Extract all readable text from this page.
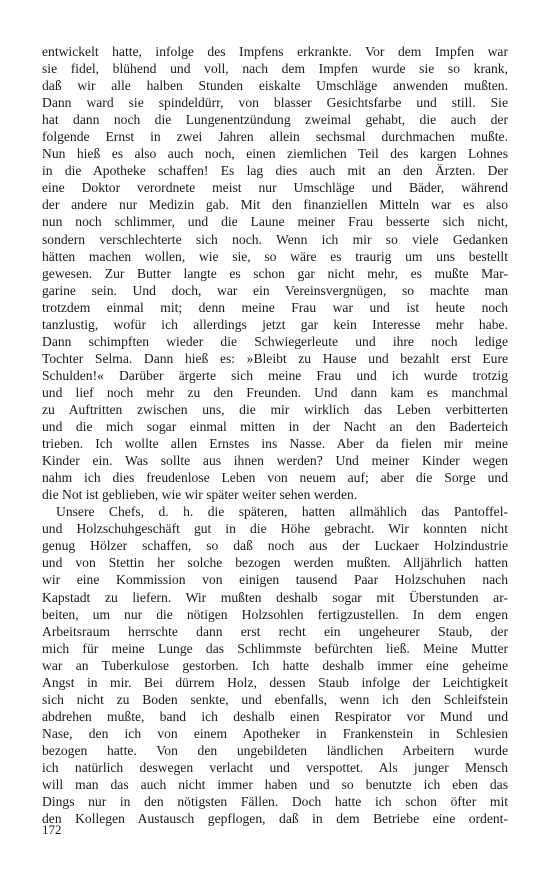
entwickelt hatte, infolge des Impfens erkrankte. Vor dem Impfen war
sie fidel, blühend und voll, nach dem Impfen wurde sie so krank,
daß wir alle halben Stunden eiskalte Umschläge anwenden mußten.
Dann ward sie spindeldürr, von blasser Gesichtsfarbe und still. Sie
hat dann noch die Lungenentzündung zweimal gehabt, die auch der
folgende Ernst in zwei Jahren allein sechsmal durchmachen mußte.
Nun hieß es also auch noch, einen ziemlichen Teil des kargen Lohnes
in die Apotheke schaffen! Es lag dies auch mit an den Ärzten. Der
eine Doktor verordnete meist nur Umschläge und Bäder, während
der andere nur Medizin gab. Mit den finanziellen Mitteln war es also
nun noch schlimmer, und die Laune meiner Frau besserte sich nicht,
sondern verschlechterte sich noch. Wenn ich mir so viele Gedanken
hätten machen wollen, wie sie, so wäre es traurig um uns bestellt
gewesen. Zur Butter langte es schon gar nicht mehr, es mußte Mar-
garine sein. Und doch, war ein Vereinsvergnügen, so machte man
trotzdem einmal mit; denn meine Frau war und ist heute noch
tanzlustig, wofür ich allerdings jetzt gar kein Interesse mehr habe.
Dann schimpften wieder die Schwiegerleute und ihre noch ledige
Tochter Selma. Dann hieß es: »Bleibt zu Hause und bezahlt erst Eure
Schulden!« Darüber ärgerte sich meine Frau und ich wurde trotzig
und lief noch mehr zu den Freunden. Und dann kam es manchmal
zu Auftritten zwischen uns, die mir wirklich das Leben verbitterten
und die mich sogar einmal mitten in der Nacht an den Baderteich
trieben. Ich wollte allen Ernstes ins Nasse. Aber da fielen mir meine
Kinder ein. Was sollte aus ihnen werden? Und meiner Kinder wegen
nahm ich dies freudenlose Leben von neuem auf; aber die Sorge und
die Not ist geblieben, wie wir später weiter sehen werden.
Unsere Chefs, d. h. die späteren, hatten allmählich das Pantoffel-
und Holzschuhgeschäft gut in die Höhe gebracht. Wir konnten nicht
genug Hölzer schaffen, so daß noch aus der Luckaer Holzindustrie
und von Stettin her solche bezogen werden mußten. Alljährlich hatten
wir eine Kommission von einigen tausend Paar Holzschuhen nach
Kapstadt zu liefern. Wir mußten deshalb sogar mit Überstunden ar-
beiten, um nur die nötigen Holzsohlen fertigzustellen. In dem engen
Arbeitsraum herrschte dann erst recht ein ungeheurer Staub, der
mich für meine Lunge das Schlimmste befürchten ließ. Meine Mutter
war an Tuberkulose gestorben. Ich hatte deshalb immer eine geheime
Angst in mir. Bei dürrem Holz, dessen Staub infolge der Leichtigkeit
sich nicht zu Boden senkte, und ebenfalls, wenn ich den Schleifstein
abdrehen mußte, band ich deshalb einen Respirator vor Mund und
Nase, den ich von einem Apotheker in Frankenstein in Schlesien
bezogen hatte. Von den ungebildeten ländlichen Arbeitern wurde
ich natürlich deswegen verlacht und verspottet. Als junger Mensch
will man das auch nicht immer haben und so benutzte ich eben das
Dings nur in den nötigsten Fällen. Doch hatte ich schon öfter mit
den Kollegen Austausch gepflogen, daß in dem Betriebe eine ordent-
172
